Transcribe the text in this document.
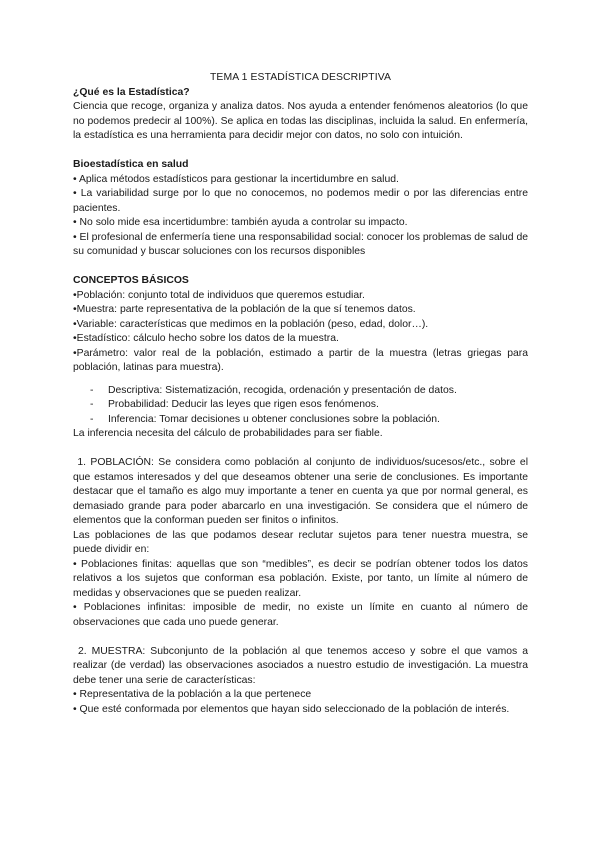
TEMA 1 ESTADÍSTICA DESCRIPTIVA

¿Qué es la Estadística?

Ciencia que recoge, organiza y analiza datos. Nos ayuda a entender fenómenos aleatorios (lo que no podemos predecir al 100%). Se aplica en todas las disciplinas, incluida la salud. En enfermería, la estadística es una herramienta para decidir mejor con datos, no solo con intuición.

Bioestadística en salud

• Aplica métodos estadísticos para gestionar la incertidumbre en salud.

• La variabilidad surge por lo que no conocemos, no podemos medir o por las diferencias entre pacientes.

• No solo mide esa incertidumbre: también ayuda a controlar su impacto.

• El profesional de enfermería tiene una responsabilidad social: conocer los problemas de salud de su comunidad y buscar soluciones con los recursos disponibles

CONCEPTOS BÁSICOS

•Población: conjunto total de individuos que queremos estudiar.

•Muestra: parte representativa de la población de la que sí tenemos datos.

•Variable: características que medimos en la población (peso, edad, dolor…).

•Estadístico: cálculo hecho sobre los datos de la muestra.

•Parámetro: valor real de la población, estimado a partir de la muestra (letras griegas para población, latinas para muestra).

- Descriptiva: Sistematización, recogida, ordenación y presentación de datos.
- Probabilidad: Deducir las leyes que rigen esos fenómenos.
- Inferencia: Tomar decisiones u obtener conclusiones sobre la población.

La inferencia necesita del cálculo de probabilidades para ser fiable.

1. POBLACIÓN: Se considera como población al conjunto de individuos/sucesos/etc., sobre el que estamos interesados y del que deseamos obtener una serie de conclusiones. Es importante destacar que el tamaño es algo muy importante a tener en cuenta ya que por normal general, es demasiado grande para poder abarcarlo en una investigación. Se considera que el número de elementos que la conforman pueden ser finitos o infinitos.

Las poblaciones de las que podamos desear reclutar sujetos para tener nuestra muestra, se puede dividir en:

• Poblaciones finitas: aquellas que son “medibles”, es decir se podrían obtener todos los datos relativos a los sujetos que conforman esa población. Existe, por tanto, un límite al número de medidas y observaciones que se pueden realizar.

• Poblaciones infinitas: imposible de medir, no existe un límite en cuanto al número de observaciones que cada uno puede generar.

2. MUESTRA: Subconjunto de la población al que tenemos acceso y sobre el que vamos a realizar (de verdad) las observaciones asociados a nuestro estudio de investigación. La muestra debe tener una serie de características:

• Representativa de la población a la que pertenece

• Que esté conformada por elementos que hayan sido seleccionado de la población de interés.
